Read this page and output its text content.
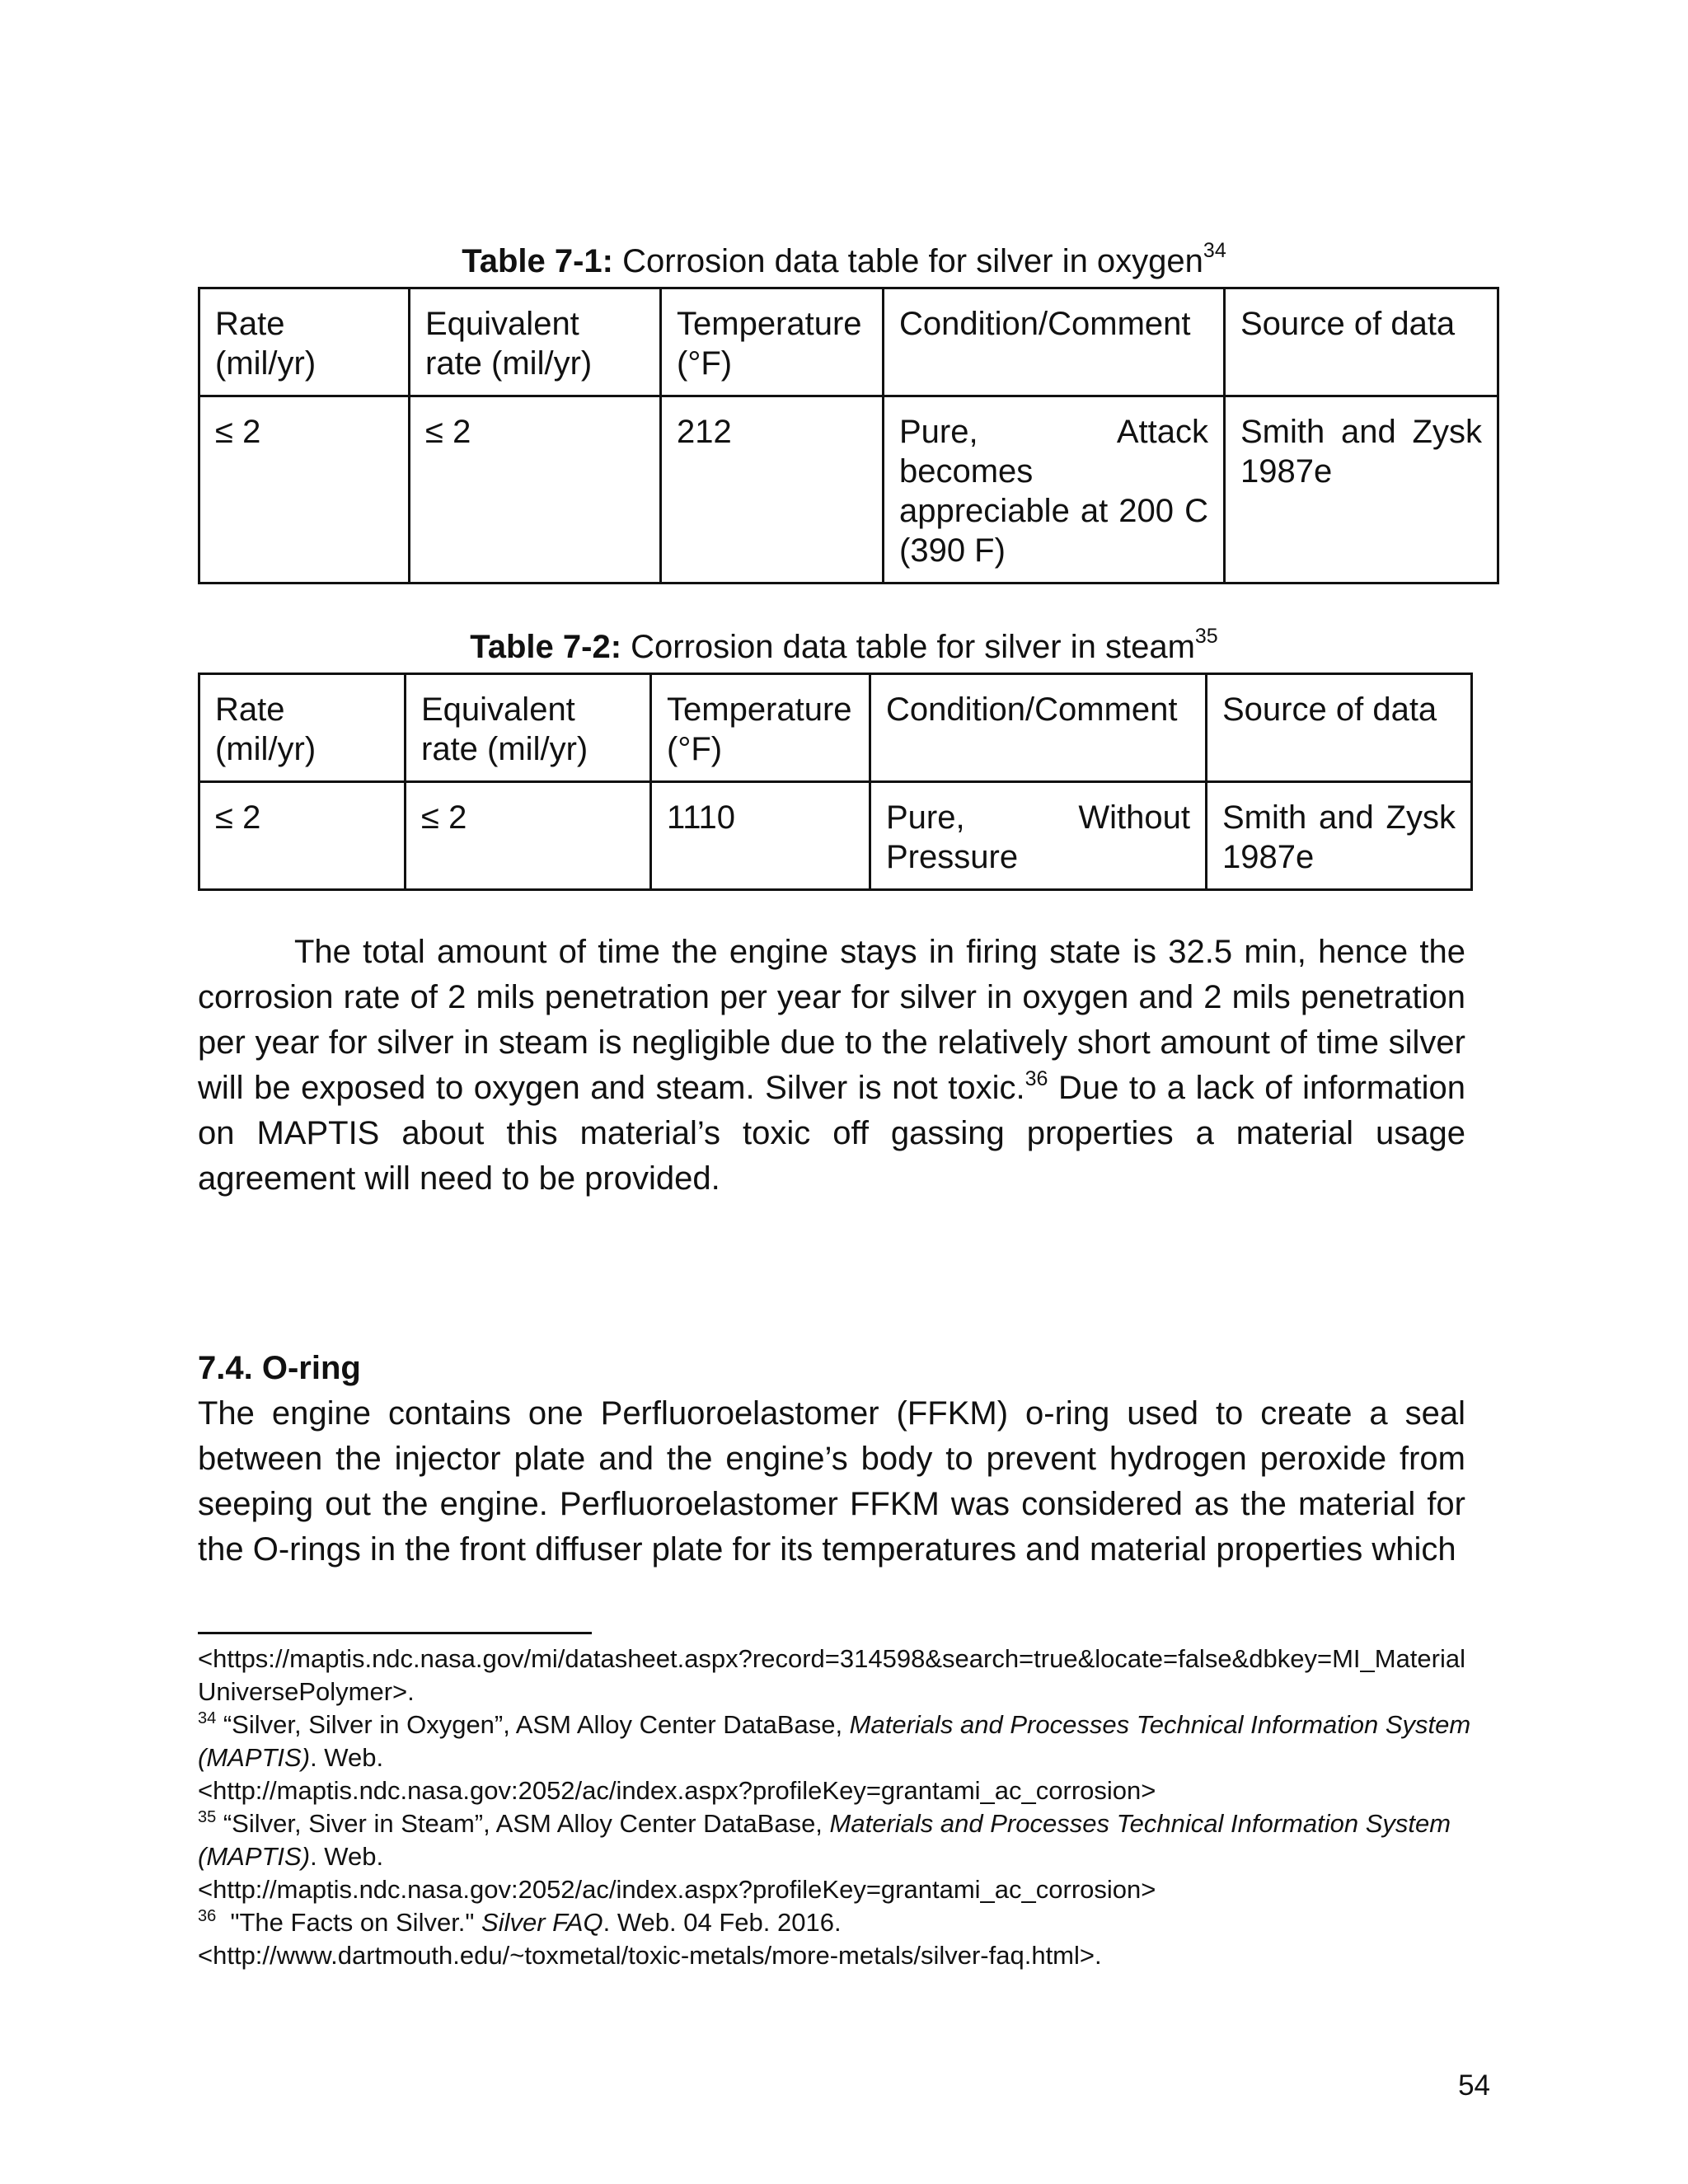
Table 7-1: Corrosion data table for silver in oxygen$^{34}$
Rate (mil/yr)	Equivalent rate (mil/yr)	Temperature (°F)	Condition/Comment	Source of data
≤ 2	≤ 2	212	Pure, Attack becomes appreciable at 200 C (390 F)	Smith and Zysk 1987e
Table 7-2: Corrosion data table for silver in steam$^{35}$
Rate (mil/yr)	Equivalent rate (mil/yr)	Temperature (°F)	Condition/Comment	Source of data
≤ 2	≤ 2	1110	Pure, Without Pressure	Smith and Zysk 1987e
The total amount of time the engine stays in firing state is 32.5 min, hence the corrosion rate of 2 mils penetration per year for silver in oxygen and 2 mils penetration per year for silver in steam is negligible due to the relatively short amount of time silver will be exposed to oxygen and steam. Silver is not toxic.$^{36}$ Due to a lack of information on MAPTIS about this material’s toxic off gassing properties a material usage agreement will need to be provided.
7.4. O-ring
The engine contains one Perfluoroelastomer (FFKM) o-ring used to create a seal between the injector plate and the engine’s body to prevent hydrogen peroxide from seeping out the engine. Perfluoroelastomer FFKM was considered as the material for the O-rings in the front diffuser plate for its temperatures and material properties which
<https://maptis.ndc.nasa.gov/mi/datasheet.aspx?record=314598&search=true&locate=false&dbkey=MI_MaterialUniversePolymer>.
$^{34}$ “Silver, Silver in Oxygen”, ASM Alloy Center DataBase, Materials and Processes Technical Information System (MAPTIS). Web.
<http://maptis.ndc.nasa.gov:2052/ac/index.aspx?profileKey=grantami_ac_corrosion>
$^{35}$ “Silver, Siver in Steam”, ASM Alloy Center DataBase, Materials and Processes Technical Information System (MAPTIS). Web.
<http://maptis.ndc.nasa.gov:2052/ac/index.aspx?profileKey=grantami_ac_corrosion>
$^{36}$  "The Facts on Silver." Silver FAQ. Web. 04 Feb. 2016.
<http://www.dartmouth.edu/~toxmetal/toxic-metals/more-metals/silver-faq.html>.
54
